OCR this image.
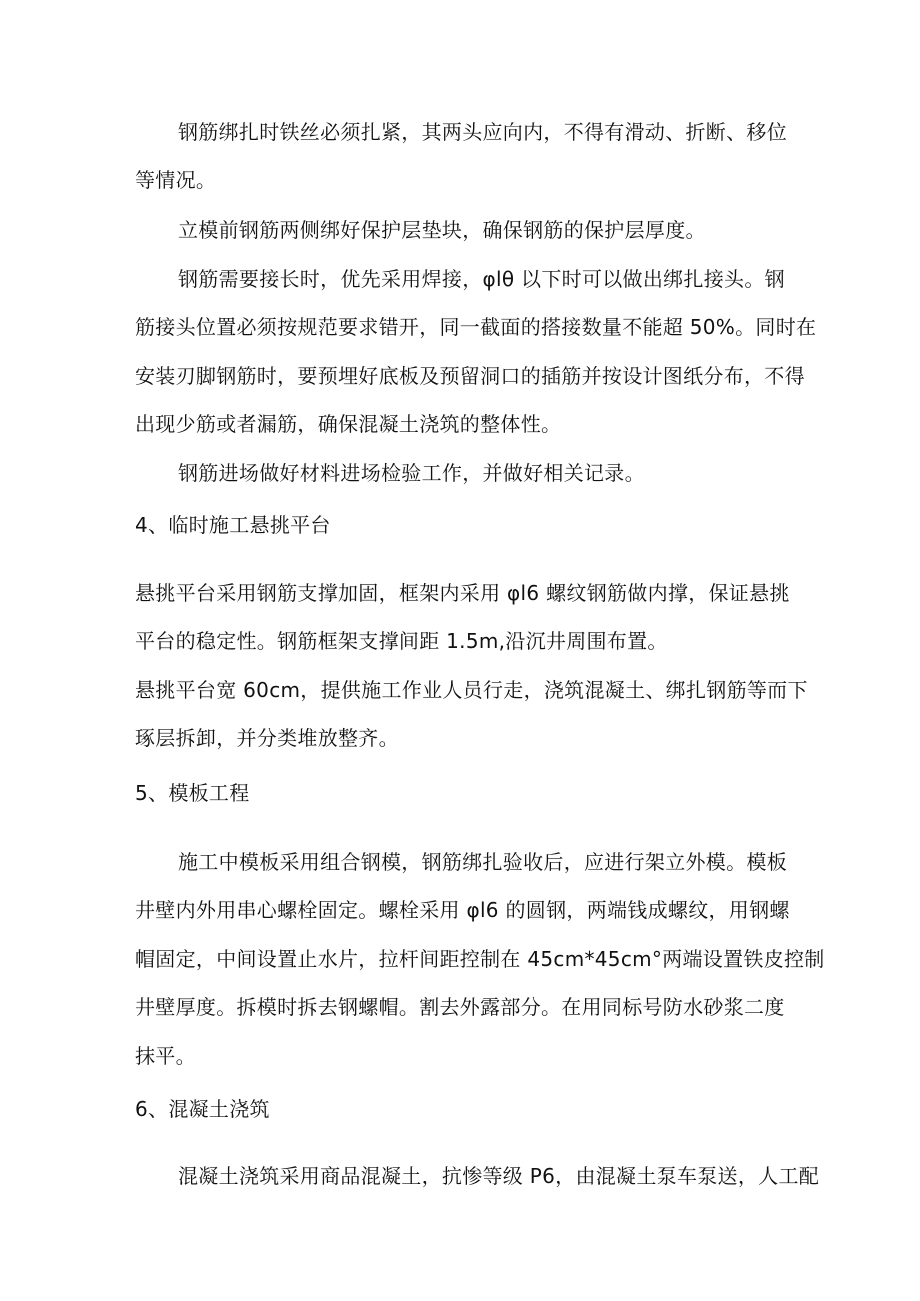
钢筋绑扎时铁丝必须扎紧，其两头应向内，不得有滑动、折断、移位
等情况。
立模前钢筋两侧绑好保护层垫块，确保钢筋的保护层厚度。
钢筋需要接长时，优先采用焊接，φlθ 以下时可以做出绑扎接头。钢
筋接头位置必须按规范要求错开，同一截面的搭接数量不能超 50%。同时在
安装刃脚钢筋时，要预埋好底板及预留洞口的插筋并按设计图纸分布，不得
出现少筋或者漏筋，确保混凝土浇筑的整体性。
钢筋进场做好材料进场检验工作，并做好相关记录。
4、临时施工悬挑平台
悬挑平台采用钢筋支撑加固，框架内采用 φl6 螺纹钢筋做内撑，保证悬挑
平台的稳定性。钢筋框架支撑间距 1.5m,沿沉井周围布置。
悬挑平台宽 60cm，提供施工作业人员行走，浇筑混凝土、绑扎钢筋等而下
琢层拆卸，并分类堆放整齐。
5、模板工程
施工中模板采用组合钢模，钢筋绑扎验收后，应进行架立外模。模板
井壁内外用串心螺栓固定。螺栓采用 φl6 的圆钢，两端钱成螺纹，用钢螺
帽固定，中间设置止水片，拉杆间距控制在 45cm*45cm°两端设置铁皮控制
井壁厚度。拆模时拆去钢螺帽。割去外露部分。在用同标号防水砂浆二度
抹平。
6、混凝土浇筑
混凝土浇筑采用商品混凝土，抗惨等级 P6，由混凝土泵车泵送，人工配
